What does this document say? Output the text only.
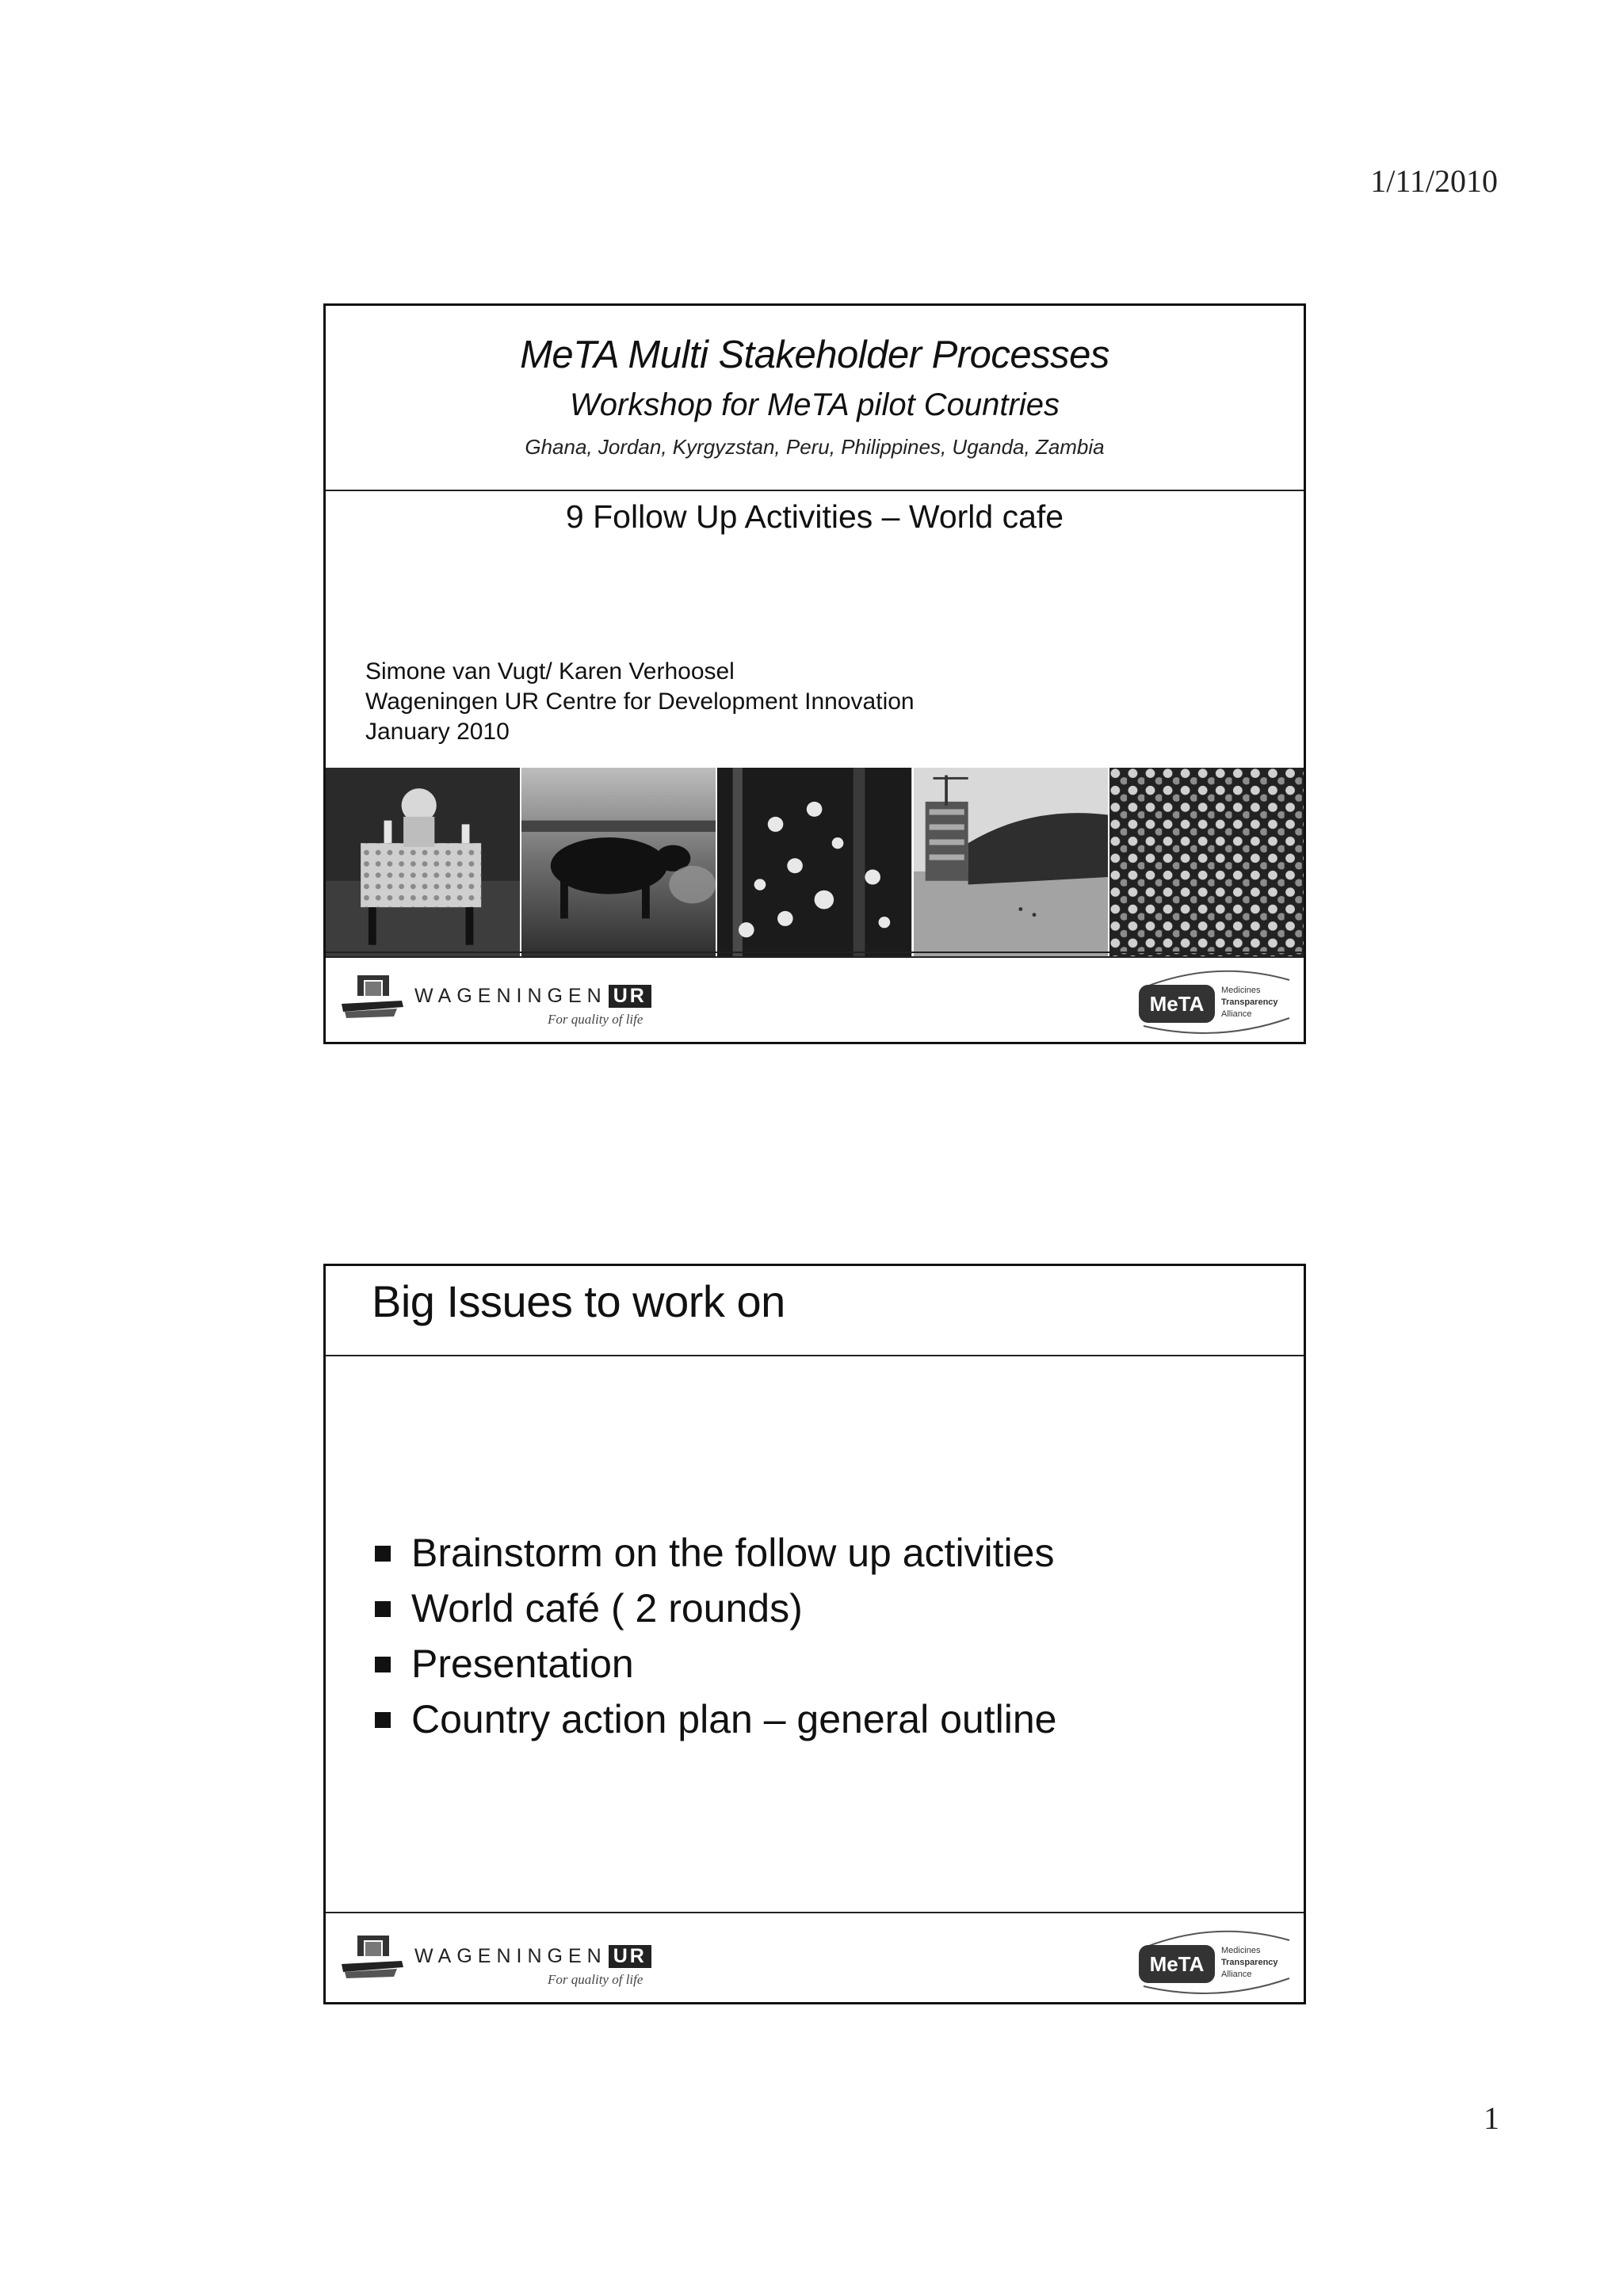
1/11/2010
MeTA Multi Stakeholder Processes
Workshop for MeTA pilot Countries
Ghana, Jordan, Kyrgyzstan, Peru, Philippines, Uganda, Zambia
9 Follow Up Activities – World cafe
Simone van Vugt/ Karen Verhoosel
Wageningen UR Centre for Development Innovation
January 2010
WAGENINGEN UR
For quality of life
MeTA
Medicines
Transparency
Alliance
Big Issues to work on
Brainstorm on the follow up activities
World café ( 2 rounds)
Presentation
Country action plan – general outline
WAGENINGEN UR
For quality of life
MeTA
Medicines
Transparency
Alliance
1
